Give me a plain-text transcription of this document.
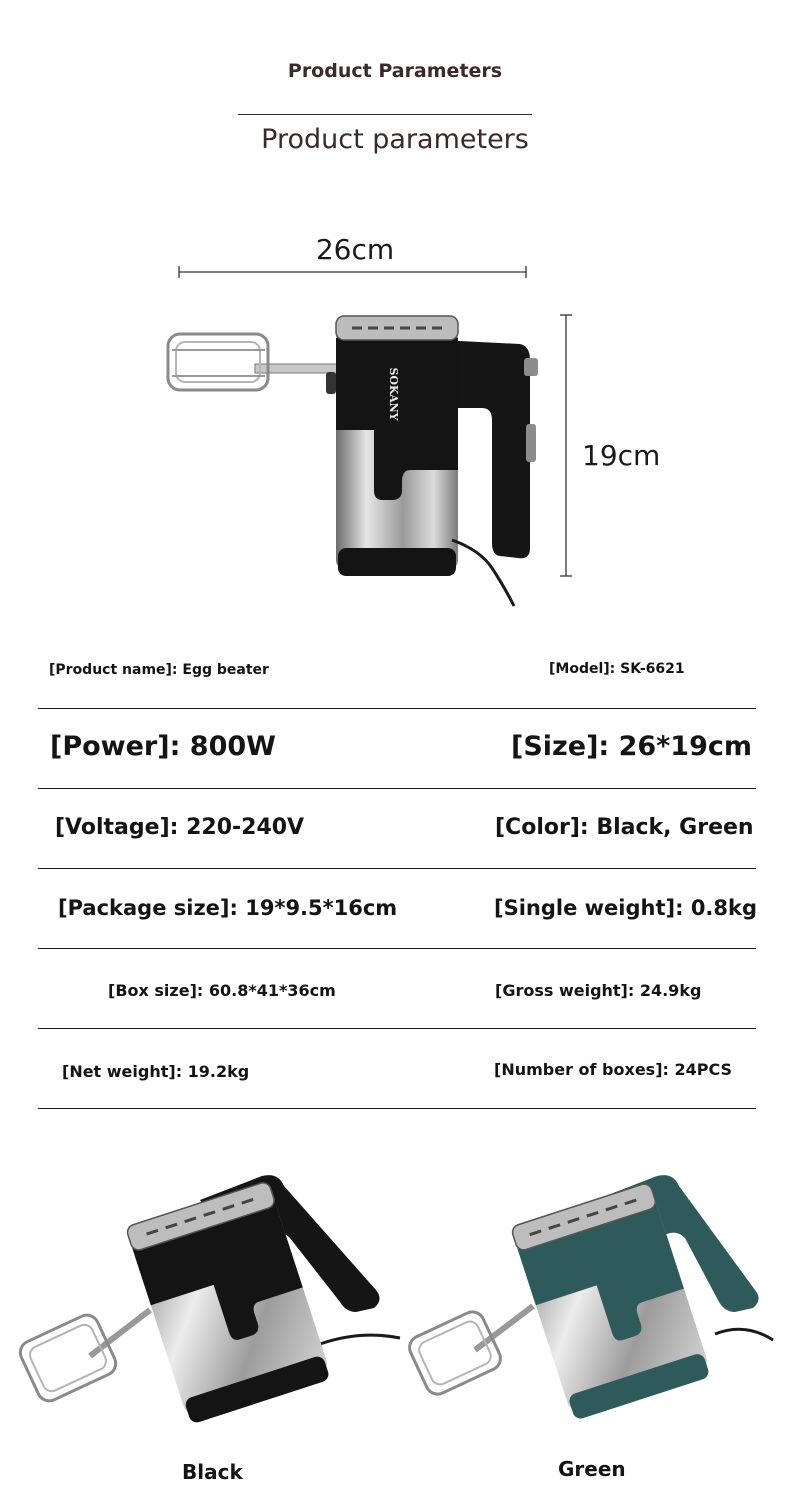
Product Parameters
Product parameters
26cm
19cm
SOKANY
[Product name]: Egg beater	[Model]: SK-6621
[Power]: 800W	[Size]: 26*19cm
[Voltage]: 220-240V	[Color]: Black, Green
[Package size]: 19*9.5*16cm	[Single weight]: 0.8kg
[Box size]: 60.8*41*36cm	[Gross weight]: 24.9kg
[Net weight]: 19.2kg	[Number of boxes]: 24PCS
Black	Green
